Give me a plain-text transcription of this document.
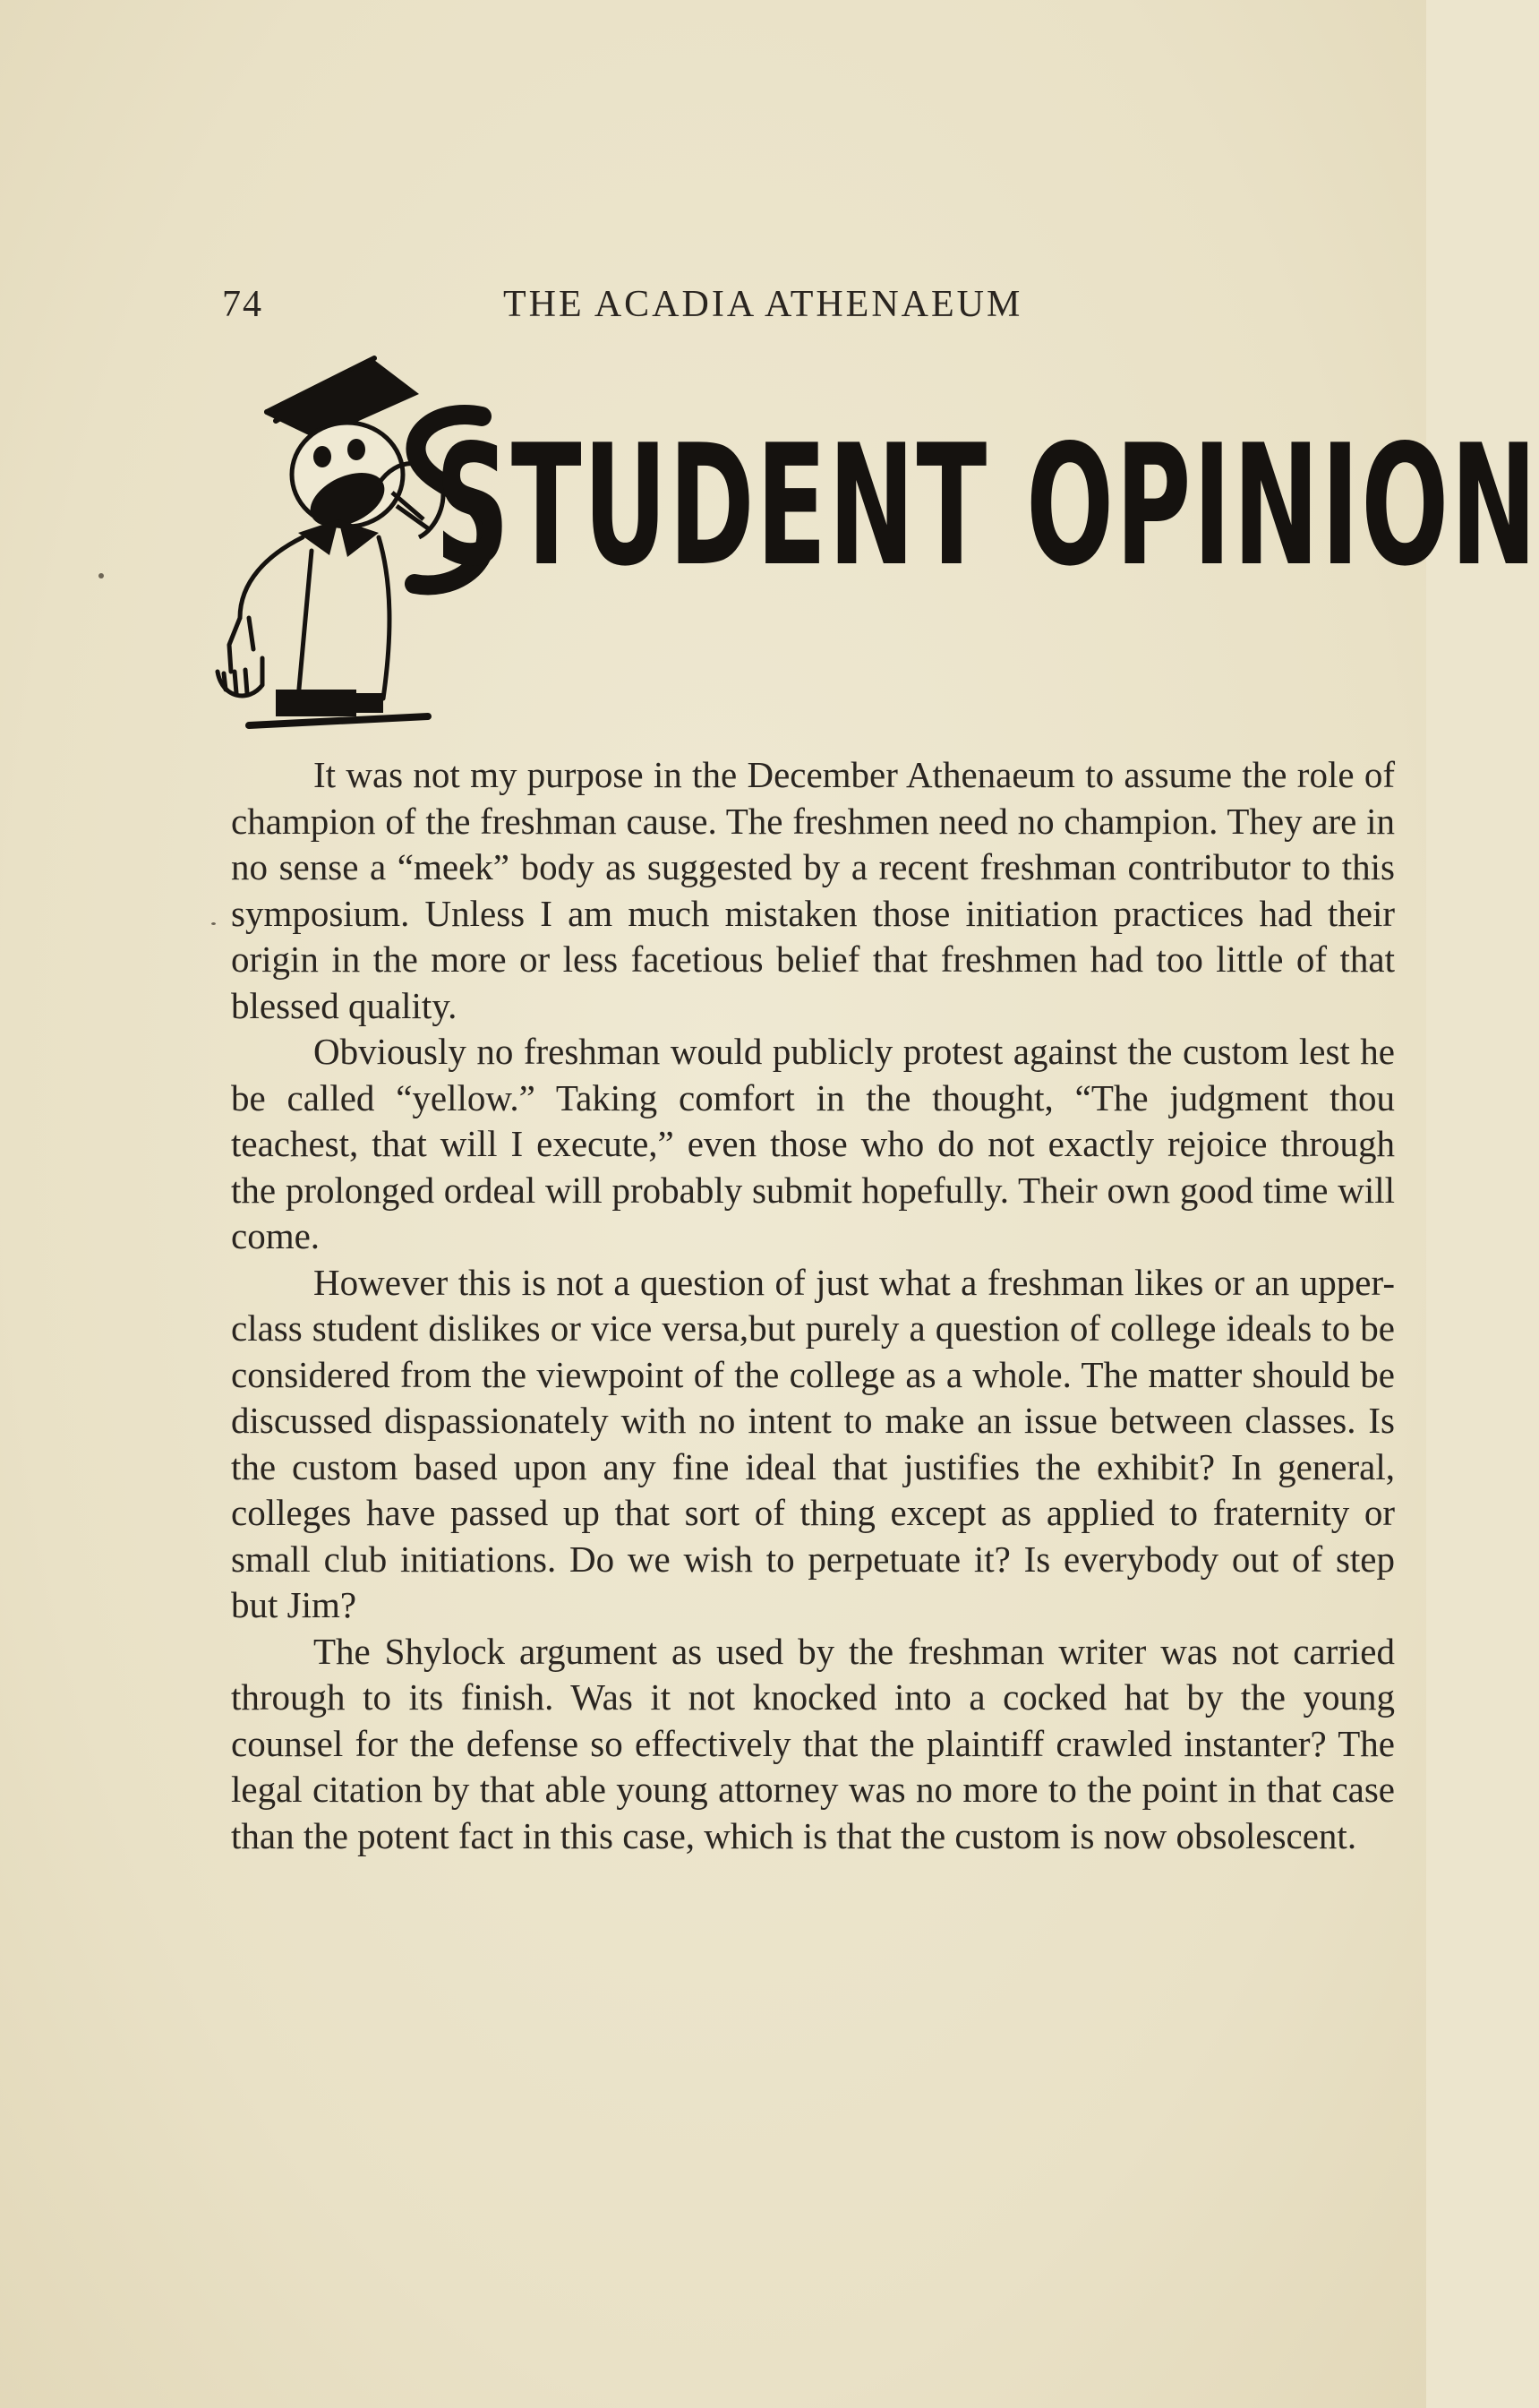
74	THE ACADIA ATHENAEUM
STUDENT OPINION

It was not my purpose in the December Athenaeum to assume the role of champion of the freshman cause. The freshmen need no champion. They are in no sense a “meek” body as suggested by a recent freshman contributor to this symposium. Unless I am much mistaken those initiation practices had their origin in the more or less facetious belief that freshmen had too little of that blessed quality.

Obviously no freshman would publicly protest against the custom lest he be called “yellow.” Taking comfort in the thought, “The judgment thou teachest, that will I execute,” even those who do not exactly rejoice through the prolonged ordeal will probably submit hopefully. Their own good time will come.

However this is not a question of just what a freshman likes or an upper-class student dislikes or vice versa,but purely a question of college ideals to be considered from the viewpoint of the college as a whole. The matter should be discussed dispassionately with no intent to make an issue between classes. Is the custom based upon any fine ideal that justifies the exhibit? In general, colleges have passed up that sort of thing except as applied to fraternity or small club initiations. Do we wish to perpetuate it? Is everybody out of step but Jim?

The Shylock argument as used by the freshman writer was not carried through to its finish. Was it not knocked into a cocked hat by the young counsel for the defense so effectively that the plaintiff crawled instanter? The legal citation by that able young attorney was no more to the point in that case than the potent fact in this case, which is that the custom is now obsolescent.
